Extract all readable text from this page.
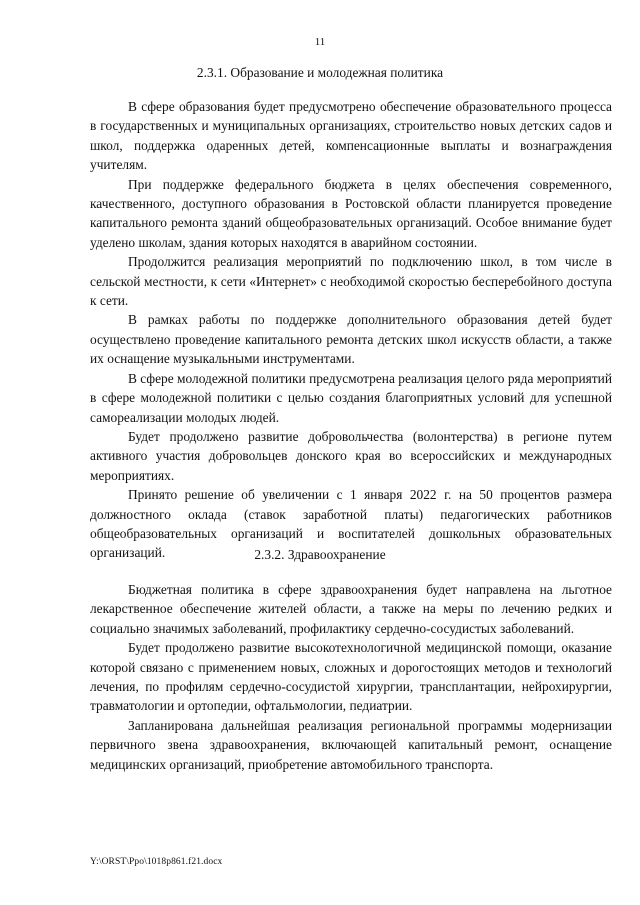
11
2.3.1. Образование и молодежная политика

В сфере образования будет предусмотрено обеспечение образовательного процесса в государственных и муниципальных организациях, строительство новых детских садов и школ, поддержка одаренных детей, компенсационные выплаты и вознаграждения учителям.

При поддержке федерального бюджета в целях обеспечения современного, качественного, доступного образования в Ростовской области планируется проведение капитального ремонта зданий общеобразовательных организаций. Особое внимание будет уделено школам, здания которых находятся в аварийном состоянии.

Продолжится реализация мероприятий по подключению школ, в том числе в сельской местности, к сети «Интернет» с необходимой скоростью бесперебойного доступа к сети.

В рамках работы по поддержке дополнительного образования детей будет осуществлено проведение капитального ремонта детских школ искусств области, а также их оснащение музыкальными инструментами.

В сфере молодежной политики предусмотрена реализация целого ряда мероприятий в сфере молодежной политики с целью создания благоприятных условий для успешной самореализации молодых людей.

Будет продолжено развитие добровольчества (волонтерства) в регионе путем активного участия добровольцев донского края во всероссийских и международных мероприятиях.

Принято решение об увеличении с 1 января 2022 г. на 50 процентов размера должностного оклада (ставок заработной платы) педагогических работников общеобразовательных организаций и воспитателей дошкольных образовательных организаций.	2.3.2. Здравоохранение

Бюджетная политика в сфере здравоохранения будет направлена на льготное лекарственное обеспечение жителей области, а также на меры по лечению редких и социально значимых заболеваний, профилактику сердечно-сосудистых заболеваний.

Будет продолжено развитие высокотехнологичной медицинской помощи, оказание которой связано с применением новых, сложных и дорогостоящих методов и технологий лечения, по профилям сердечно-сосудистой хирургии, трансплантации, нейрохирургии, травматологии и ортопедии, офтальмологии, педиатрии.

Запланирована дальнейшая реализация региональной программы модернизации первичного звена здравоохранения, включающей капитальный ремонт, оснащение медицинских организаций, приобретение автомобильного транспорта.

Y:\ORST\Ppo\1018p861.f21.docx
